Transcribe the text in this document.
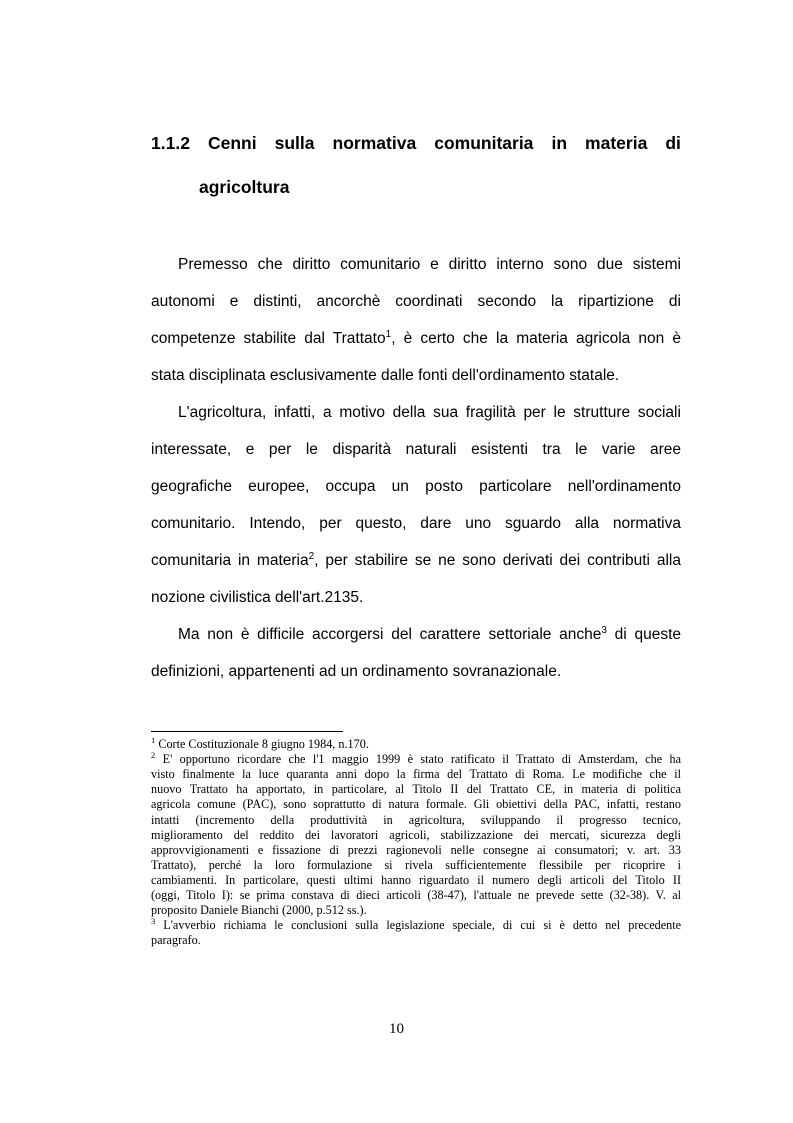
1.1.2 Cenni sulla normativa comunitaria in materia di
agricoltura
Premesso che diritto comunitario e diritto interno sono due sistemi
autonomi e distinti, ancorchè coordinati secondo la ripartizione di
competenze stabilite dal Trattato$^1$, è certo che la materia agricola non è
stata disciplinata esclusivamente dalle fonti dell'ordinamento statale.
L'agricoltura, infatti, a motivo della sua fragilità per le strutture sociali
interessate, e per le disparità naturali esistenti tra le varie aree
geografiche europee, occupa un posto particolare nell'ordinamento
comunitario. Intendo, per questo, dare uno sguardo alla normativa
comunitaria in materia$^2$, per stabilire se ne sono derivati dei contributi alla
nozione civilistica dell'art.2135.
Ma non è difficile accorgersi del carattere settoriale anche$^3$ di queste
definizioni, appartenenti ad un ordinamento sovranazionale.
$^1$ Corte Costituzionale 8 giugno 1984, n.170.
$^2$ E' opportuno ricordare che l'1 maggio 1999 è stato ratificato il Trattato di Amsterdam, che ha
visto finalmente la luce quaranta anni dopo la firma del Trattato di Roma. Le modifiche che il
nuovo Trattato ha apportato, in particolare, al Titolo II del Trattato CE, in materia di politica
agricola comune (PAC), sono soprattutto di natura formale. Gli obiettivi della PAC, infatti, restano
intatti (incremento della produttività in agricoltura, sviluppando il progresso tecnico,
miglioramento del reddito dei lavoratori agricoli, stabilizzazione dei mercati, sicurezza degli
approvvigionamenti e fissazione di prezzi ragionevoli nelle consegne ai consumatori; v. art. 33
Trattato), perché la loro formulazione si rivela sufficientemente flessibile per ricoprire i
cambiamenti. In particolare, questi ultimi hanno riguardato il numero degli articoli del Titolo II
(oggi, Titolo I): se prima constava di dieci articoli (38-47), l'attuale ne prevede sette (32-38). V. al
proposito Daniele Bianchi (2000, p.512 ss.).
$^3$ L'avverbio richiama le conclusioni sulla legislazione speciale, di cui si è detto nel precedente
paragrafo.
10
